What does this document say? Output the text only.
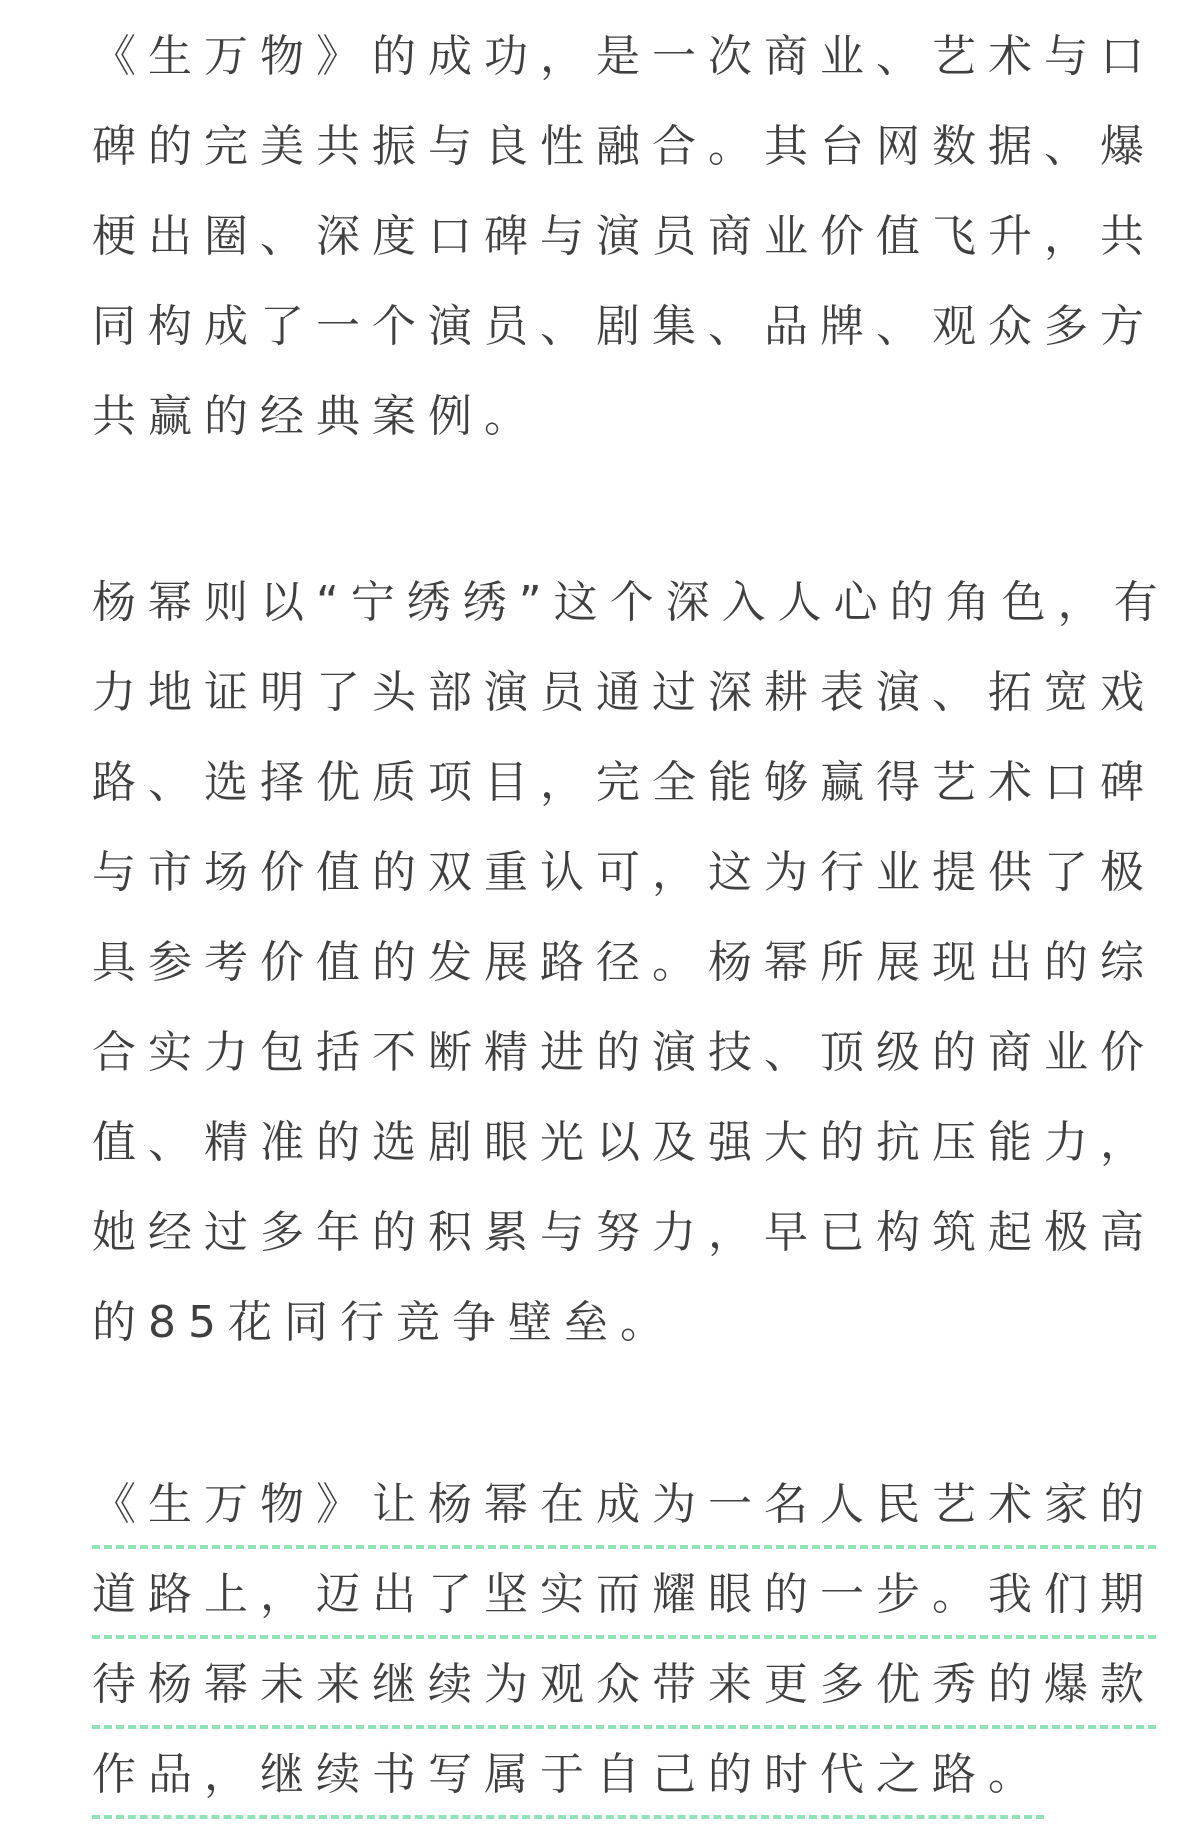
《生万物》的成功，是一次商业、艺术与口
碑的完美共振与良性融合。其台网数据、爆
梗出圈、深度口碑与演员商业价值飞升，共
同构成了一个演员、剧集、品牌、观众多方
共赢的经典案例。
杨幂则以“宁绣绣”这个深入人心的角色，有
力地证明了头部演员通过深耕表演、拓宽戏
路、选择优质项目，完全能够赢得艺术口碑
与市场价值的双重认可，这为行业提供了极
具参考价值的发展路径。杨幂所展现出的综
合实力包括不断精进的演技、顶级的商业价
值、精准的选剧眼光以及强大的抗压能力，
她经过多年的积累与努力，早已构筑起极高
的85花同行竞争壁垒。
《生万物》让杨幂在成为一名人民艺术家的
道路上，迈出了坚实而耀眼的一步。我们期
待杨幂未来继续为观众带来更多优秀的爆款
作品，继续书写属于自己的时代之路。
